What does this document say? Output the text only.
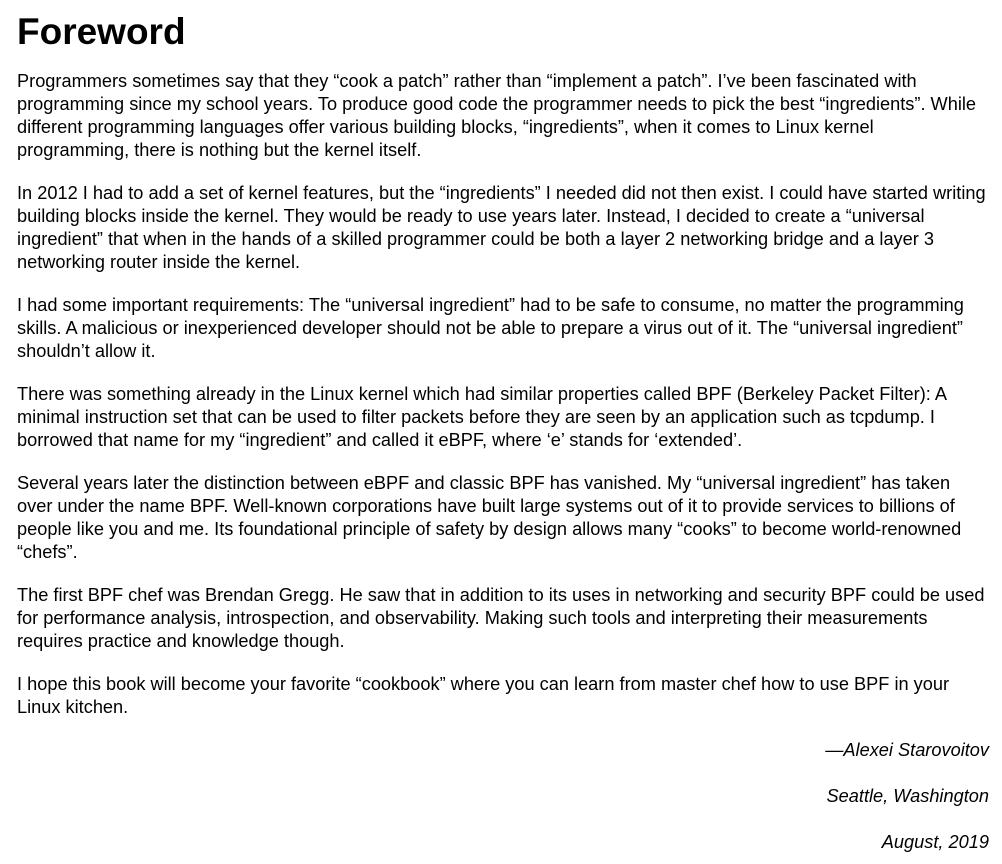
Foreword

Programmers sometimes say that they “cook a patch” rather than “implement a patch”. I’ve been fascinated with programming since my school years. To produce good code the programmer needs to pick the best “ingredients”. While different programming languages offer various building blocks, “ingredients”, when it comes to Linux kernel programming, there is nothing but the kernel itself.

In 2012 I had to add a set of kernel features, but the “ingredients” I needed did not then exist. I could have started writing building blocks inside the kernel. They would be ready to use years later. Instead, I decided to create a “universal ingredient” that when in the hands of a skilled programmer could be both a layer 2 networking bridge and a layer 3 networking router inside the kernel.

I had some important requirements: The “universal ingredient” had to be safe to consume, no matter the programming skills. A malicious or inexperienced developer should not be able to prepare a virus out of it. The “universal ingredient” shouldn’t allow it.

There was something already in the Linux kernel which had similar properties called BPF (Berkeley Packet Filter): A minimal instruction set that can be used to filter packets before they are seen by an application such as tcpdump. I borrowed that name for my “ingredient” and called it eBPF, where ‘e’ stands for ‘extended’.

Several years later the distinction between eBPF and classic BPF has vanished. My “universal ingredient” has taken over under the name BPF. Well-known corporations have built large systems out of it to provide services to billions of people like you and me. Its foundational principle of safety by design allows many “cooks” to become world-renowned “chefs”.

The first BPF chef was Brendan Gregg. He saw that in addition to its uses in networking and security BPF could be used for performance analysis, introspection, and observability. Making such tools and interpreting their measurements requires practice and knowledge though.

I hope this book will become your favorite “cookbook” where you can learn from master chef how to use BPF in your Linux kitchen.

—Alexei Starovoitov

Seattle, Washington

August, 2019
